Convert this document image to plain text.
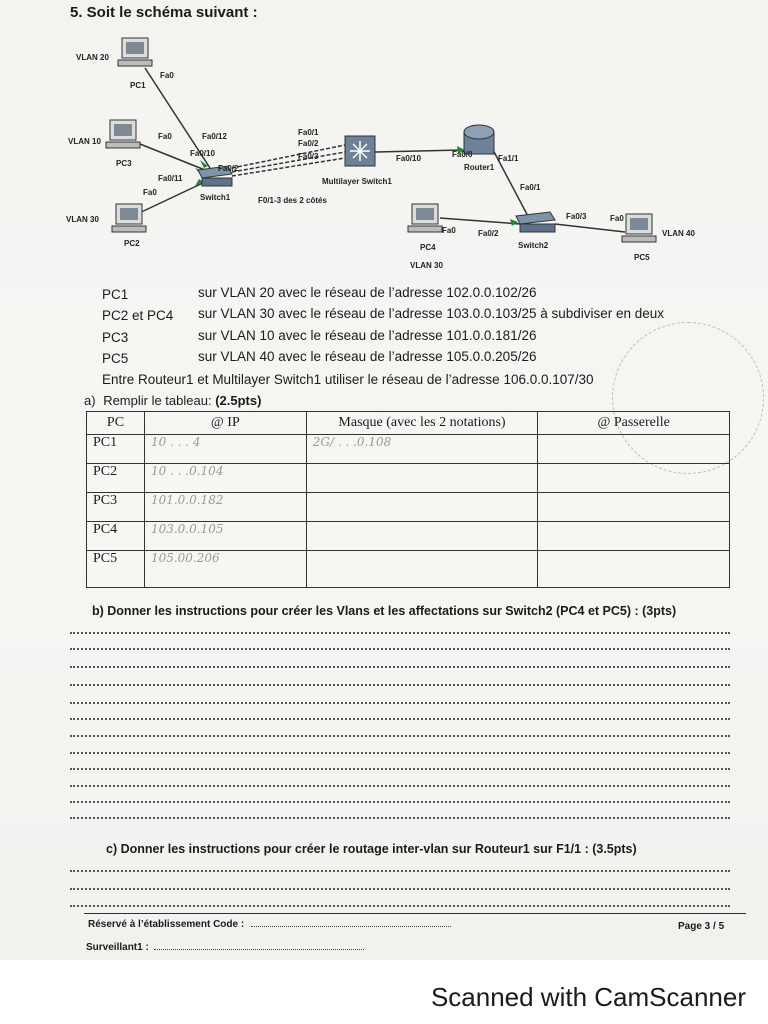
5. Soit le schéma suivant :
VLAN 20
VLAN 10
VLAN 30
VLAN 30
VLAN 40
PC1
PC3
PC2	PC4
PC5
Switch1
Switch2
Multilayer Switch1
Router1
Fa0
Fa0
Fa0
Fa0
Fa0
Fa0/12
Fa0/10
Fa0/2
Fa0/11
Fa0/1
Fa0/2
Fa0/3	Fa0/10	Fa0/0	Fa1/1
Fa0/1
Fa0/2
Fa0/3
F0/1-3 des 2 côtés
PC1	sur VLAN 20 avec le réseau de l’adresse 102.0.0.102/26
PC2 et PC4 sur VLAN 30 avec le réseau de l’adresse 103.0.0.103/25 à subdiviser en deux
PC3	sur VLAN 10 avec le réseau de l’adresse 101.0.0.181/26
PC5	sur VLAN 40 avec le réseau de l’adresse 105.0.0.205/26
Entre Routeur1 et Multilayer Switch1 utiliser le réseau de l’adresse 106.0.0.107/30
a) Remplir le tableau: (2.5pts)
PC	@ IP	Masque (avec les 2 notations)	@ Passerelle
PC1	10 . . . 4	2G/ . . .0.108	
PC2	10 . . .0.104		
PC3	101.0.0.182		
PC4	103.0.0.105		
PC5	105.00.206		
b) Donner les instructions pour créer les Vlans et les affectations sur Switch2 (PC4 et PC5) : (3pts)
c) Donner les instructions pour créer le routage inter-vlan sur Routeur1 sur F1/1 : (3.5pts)
Réservé à l’établissement Code :	Page 3 / 5
Surveillant1 :
Scanned with CamScanner
